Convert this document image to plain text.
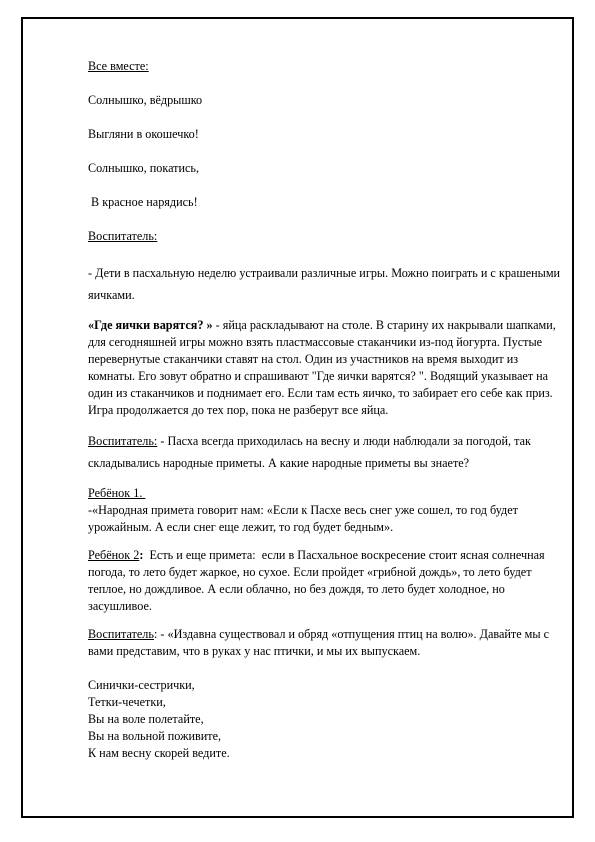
Все вместе:

Солнышко, вёдрышко

Выгляни в окошечко!

Солнышко, покатись,

В красное нарядись!

Воспитатель:

- Дети в пасхальную неделю устраивали различные игры. Можно поиграть и с крашеными яичками.

«Где яички варятся? » - яйца раскладывают на столе. В старину их накрывали шапками, для сегодняшней игры можно взять пластмассовые стаканчики из-под йогурта. Пустые перевернутые стаканчики ставят на стол. Один из участников на время выходит из комнаты. Его зовут обратно и спрашивают "Где яички варятся? ". Водящий указывает на один из стаканчиков и поднимает его. Если там есть яичко, то забирает его себе как приз. Игра продолжается до тех пор, пока не разберут все яйца.

Воспитатель: - Пасха всегда приходилась на весну и люди наблюдали за погодой, так складывались народные приметы. А какие народные приметы вы знаете?

Ребёнок 1.

-«Народная примета говорит нам: «Если к Пасхе весь снег уже сошел, то год будет урожайным. А если снег еще лежит, то год будет бедным».

Ребёнок 2:  Есть и еще примета:  если в Пасхальное воскресение стоит ясная солнечная погода, то лето будет жаркое, но сухое. Если пройдет «грибной дождь», то лето будет теплое, но дождливое. А если облачно, но без дождя, то лето будет холодное, но засушливое.

Воспитатель: - «Издавна существовал и обряд «отпущения птиц на волю». Давайте мы с вами представим, что в руках у нас птички, и мы их выпускаем.

Синички-сестрички,

Тетки-чечетки,

Вы на воле полетайте,

Вы на вольной поживите,

К нам весну скорей ведите.
